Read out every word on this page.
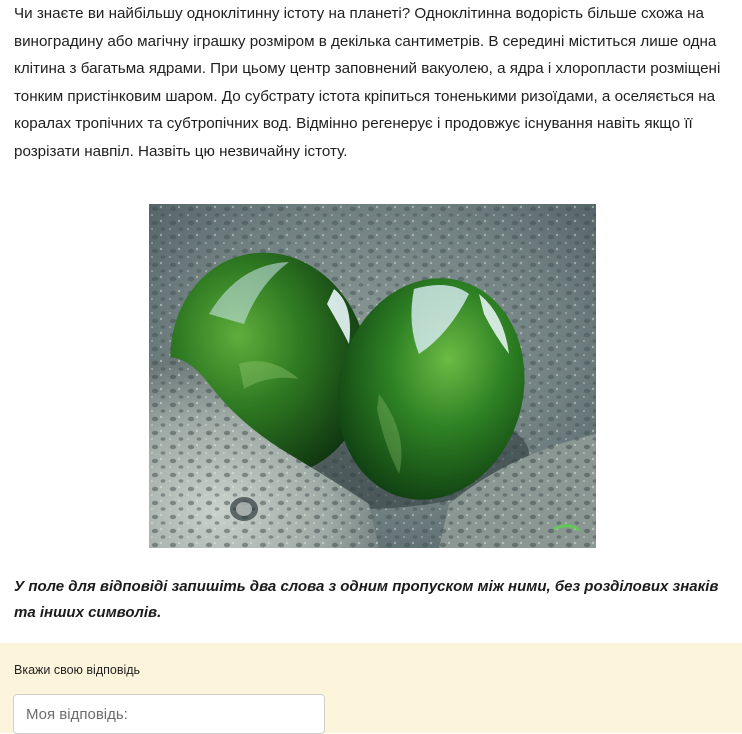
Чи знаєте ви найбільшу одноклітинну істоту на планеті? Одноклітинна водорість більше схожа на виноградину або магічну іграшку розміром в декілька сантиметрів. В середині міститься лише одна клітина з багатьма ядрами. При цьому центр заповнений вакуолею, а ядра і хлоропласти розміщені тонким пристінковим шаром. До субстрату істота кріпиться тоненькими ризоїдами, а оселяється на коралах тропічних та субтропічних вод. Відмінно регенерує і продовжує існування навіть якщо її розрізати навпіл. Назвіть цю незвичайну істоту.

У поле для відповіді запишіть два слова з одним пропуском між ними, без розділових знаків та інших символів.

Вкажи свою відповідь
Моя відповідь:
